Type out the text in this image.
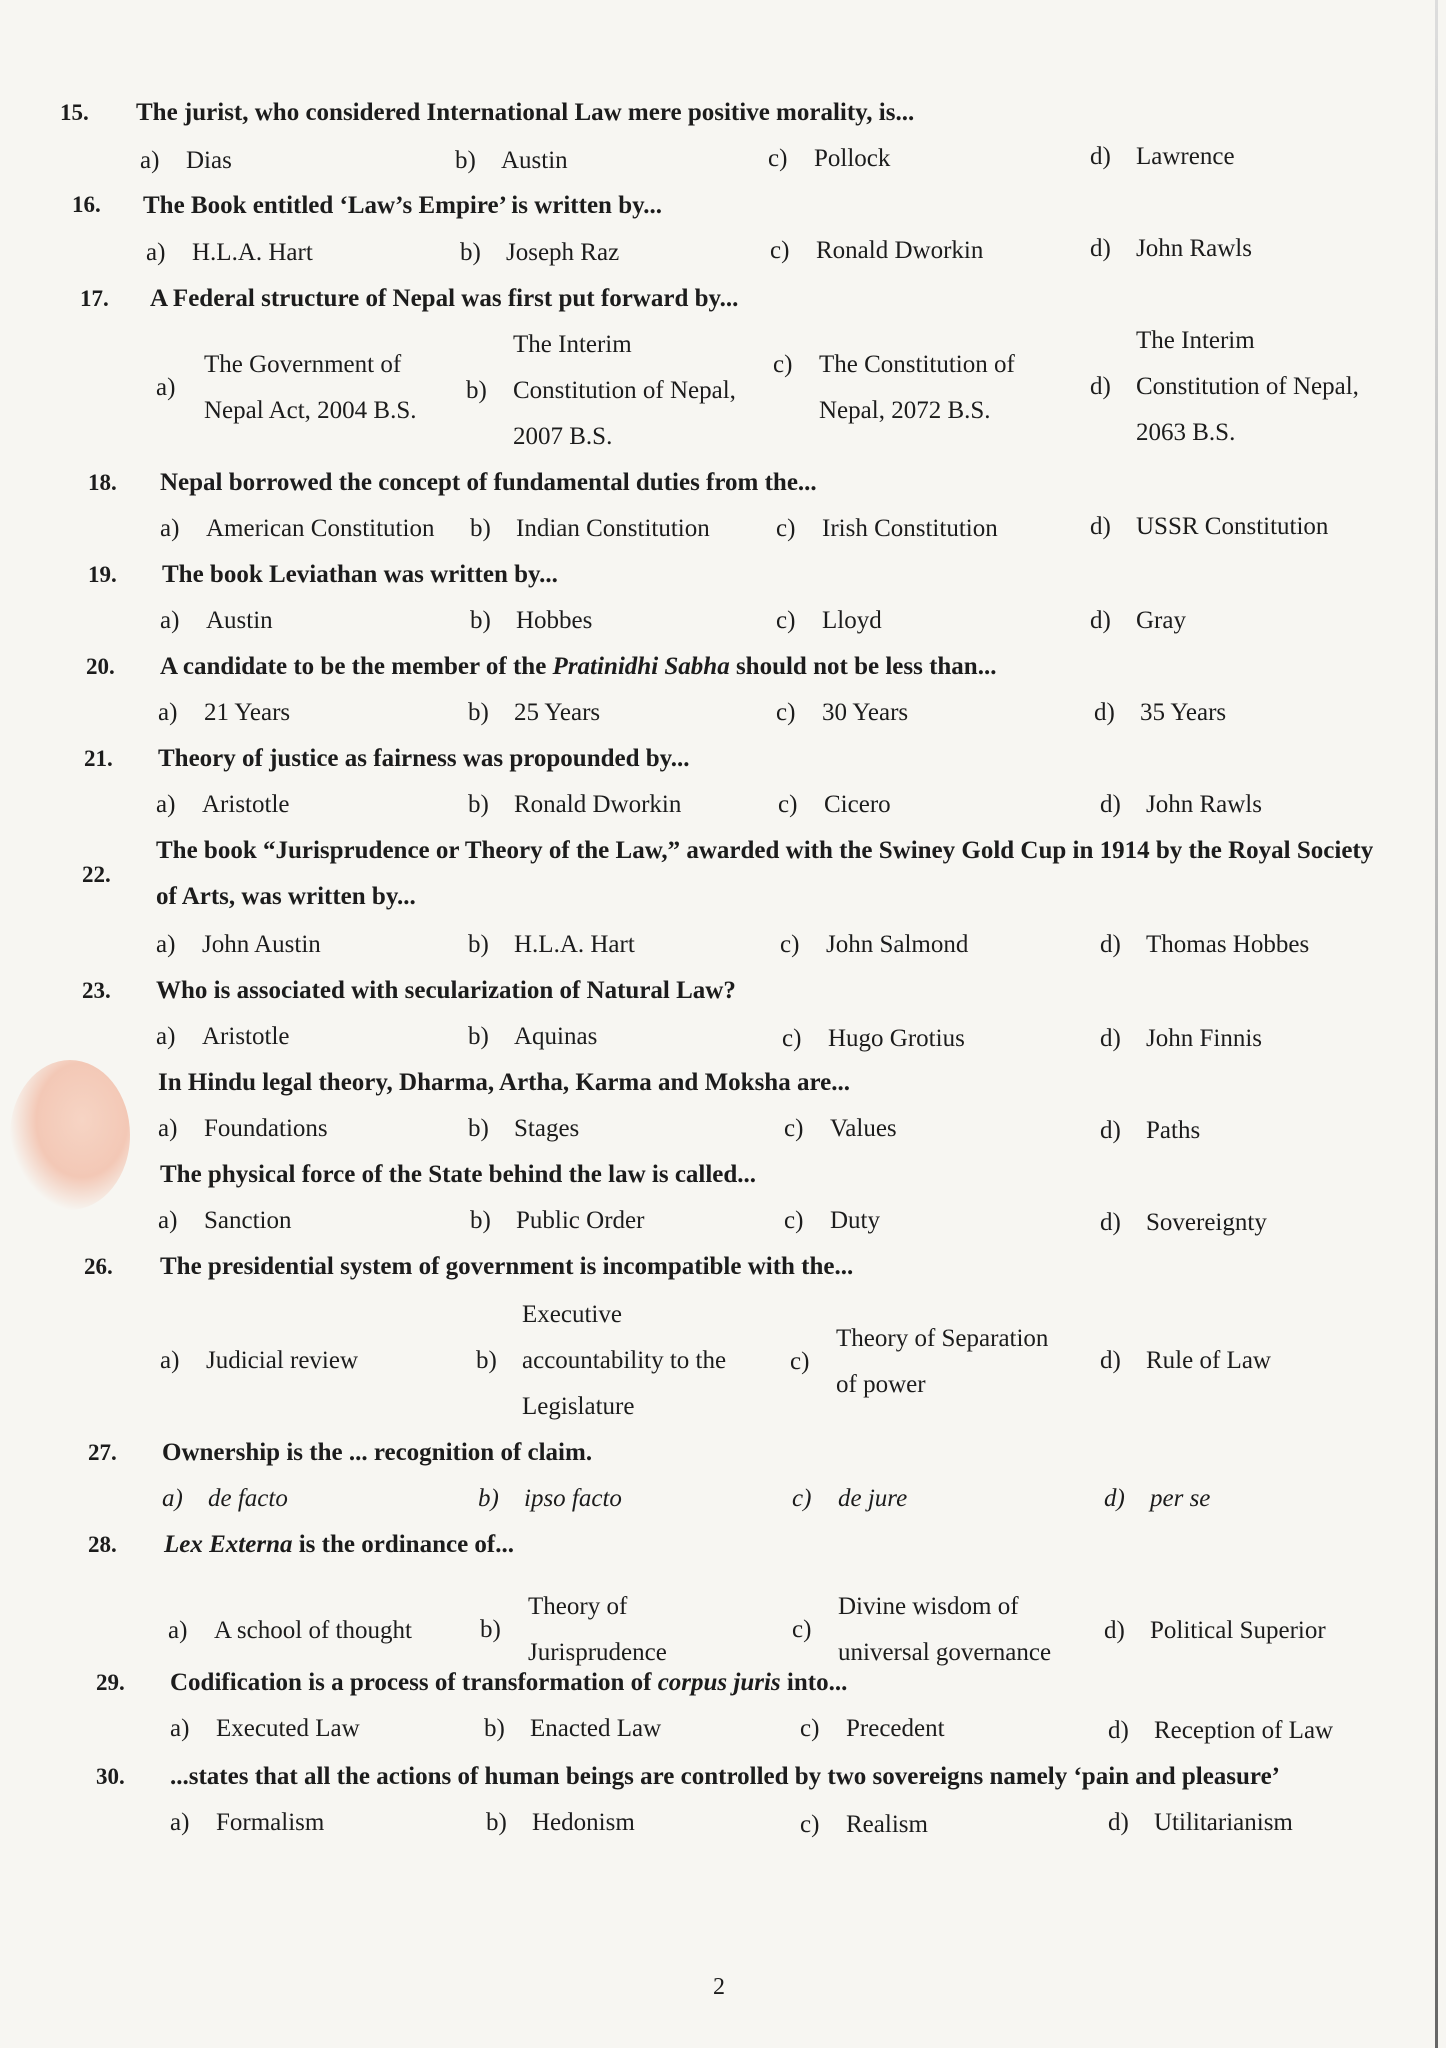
15.	The jurist, who considered International Law mere positive morality, is...
a) Dias	b) Austin	c) Pollock	d) Lawrence
16.	The Book entitled ‘Law’s Empire’ is written by...
a) H.L.A. Hart	b) Joseph Raz	c) Ronald Dworkin	d) John Rawls
17.	A Federal structure of Nepal was first put forward by...
a)
The Government of
Nepal Act, 2004 B.S.
b)
The Interim
Constitution of Nepal,
2007 B.S.
c)	The Constitution of
Nepal, 2072 B.S.
d)
The Interim
Constitution of Nepal,
2063 B.S.
18.	Nepal borrowed the concept of fundamental duties from the...
a) American Constitution b) Indian Constitution	c) Irish Constitution	d) USSR Constitution
19.	The book Leviathan was written by...
a) Austin	b) Hobbes	c) Lloyd	d) Gray
20.	A candidate to be the member of the Pratinidhi Sabha should not be less than...
a) 21 Years	b) 25 Years	c) 30 Years	d) 35 Years
21.	Theory of justice as fairness was propounded by...
a) Aristotle	b) Ronald Dworkin	c) Cicero	d) John Rawls
22.
The book “Jurisprudence or Theory of the Law,” awarded with the Swiney Gold Cup in 1914 by the Royal Society of Arts, was written by...
a) John Austin	b) H.L.A. Hart	c) John Salmond	d) Thomas Hobbes
23.	Who is associated with secularization of Natural Law?
a) Aristotle	b) Aquinas	c) Hugo Grotius	d) John Finnis
In Hindu legal theory, Dharma, Artha, Karma and Moksha are...
a) Foundations	b) Stages	c) Values	d) Paths
The physical force of the State behind the law is called...
a) Sanction	b) Public Order	c) Duty	d) Sovereignty
26.	The presidential system of government is incompatible with the...
a)	Judicial review	b)
Executive
accountability to the
Legislature
c)
Theory of Separation
of power
d)	Rule of Law
27.	Ownership is the ... recognition of claim.
a) de facto	b) ipso facto	c) de jure	d) per se
28.	Lex Externa is the ordinance of...
a)	A school of thought	b)
Theory of
Jurisprudence
c)
Divine wisdom of
universal governance
d)	Political Superior
29.	Codification is a process of transformation of corpus juris into...
a) Executed Law	b) Enacted Law	c) Precedent	d) Reception of Law
30.	...states that all the actions of human beings are controlled by two sovereigns namely ‘pain and pleasure’
a) Formalism	b) Hedonism	c) Realism	d) Utilitarianism
2
